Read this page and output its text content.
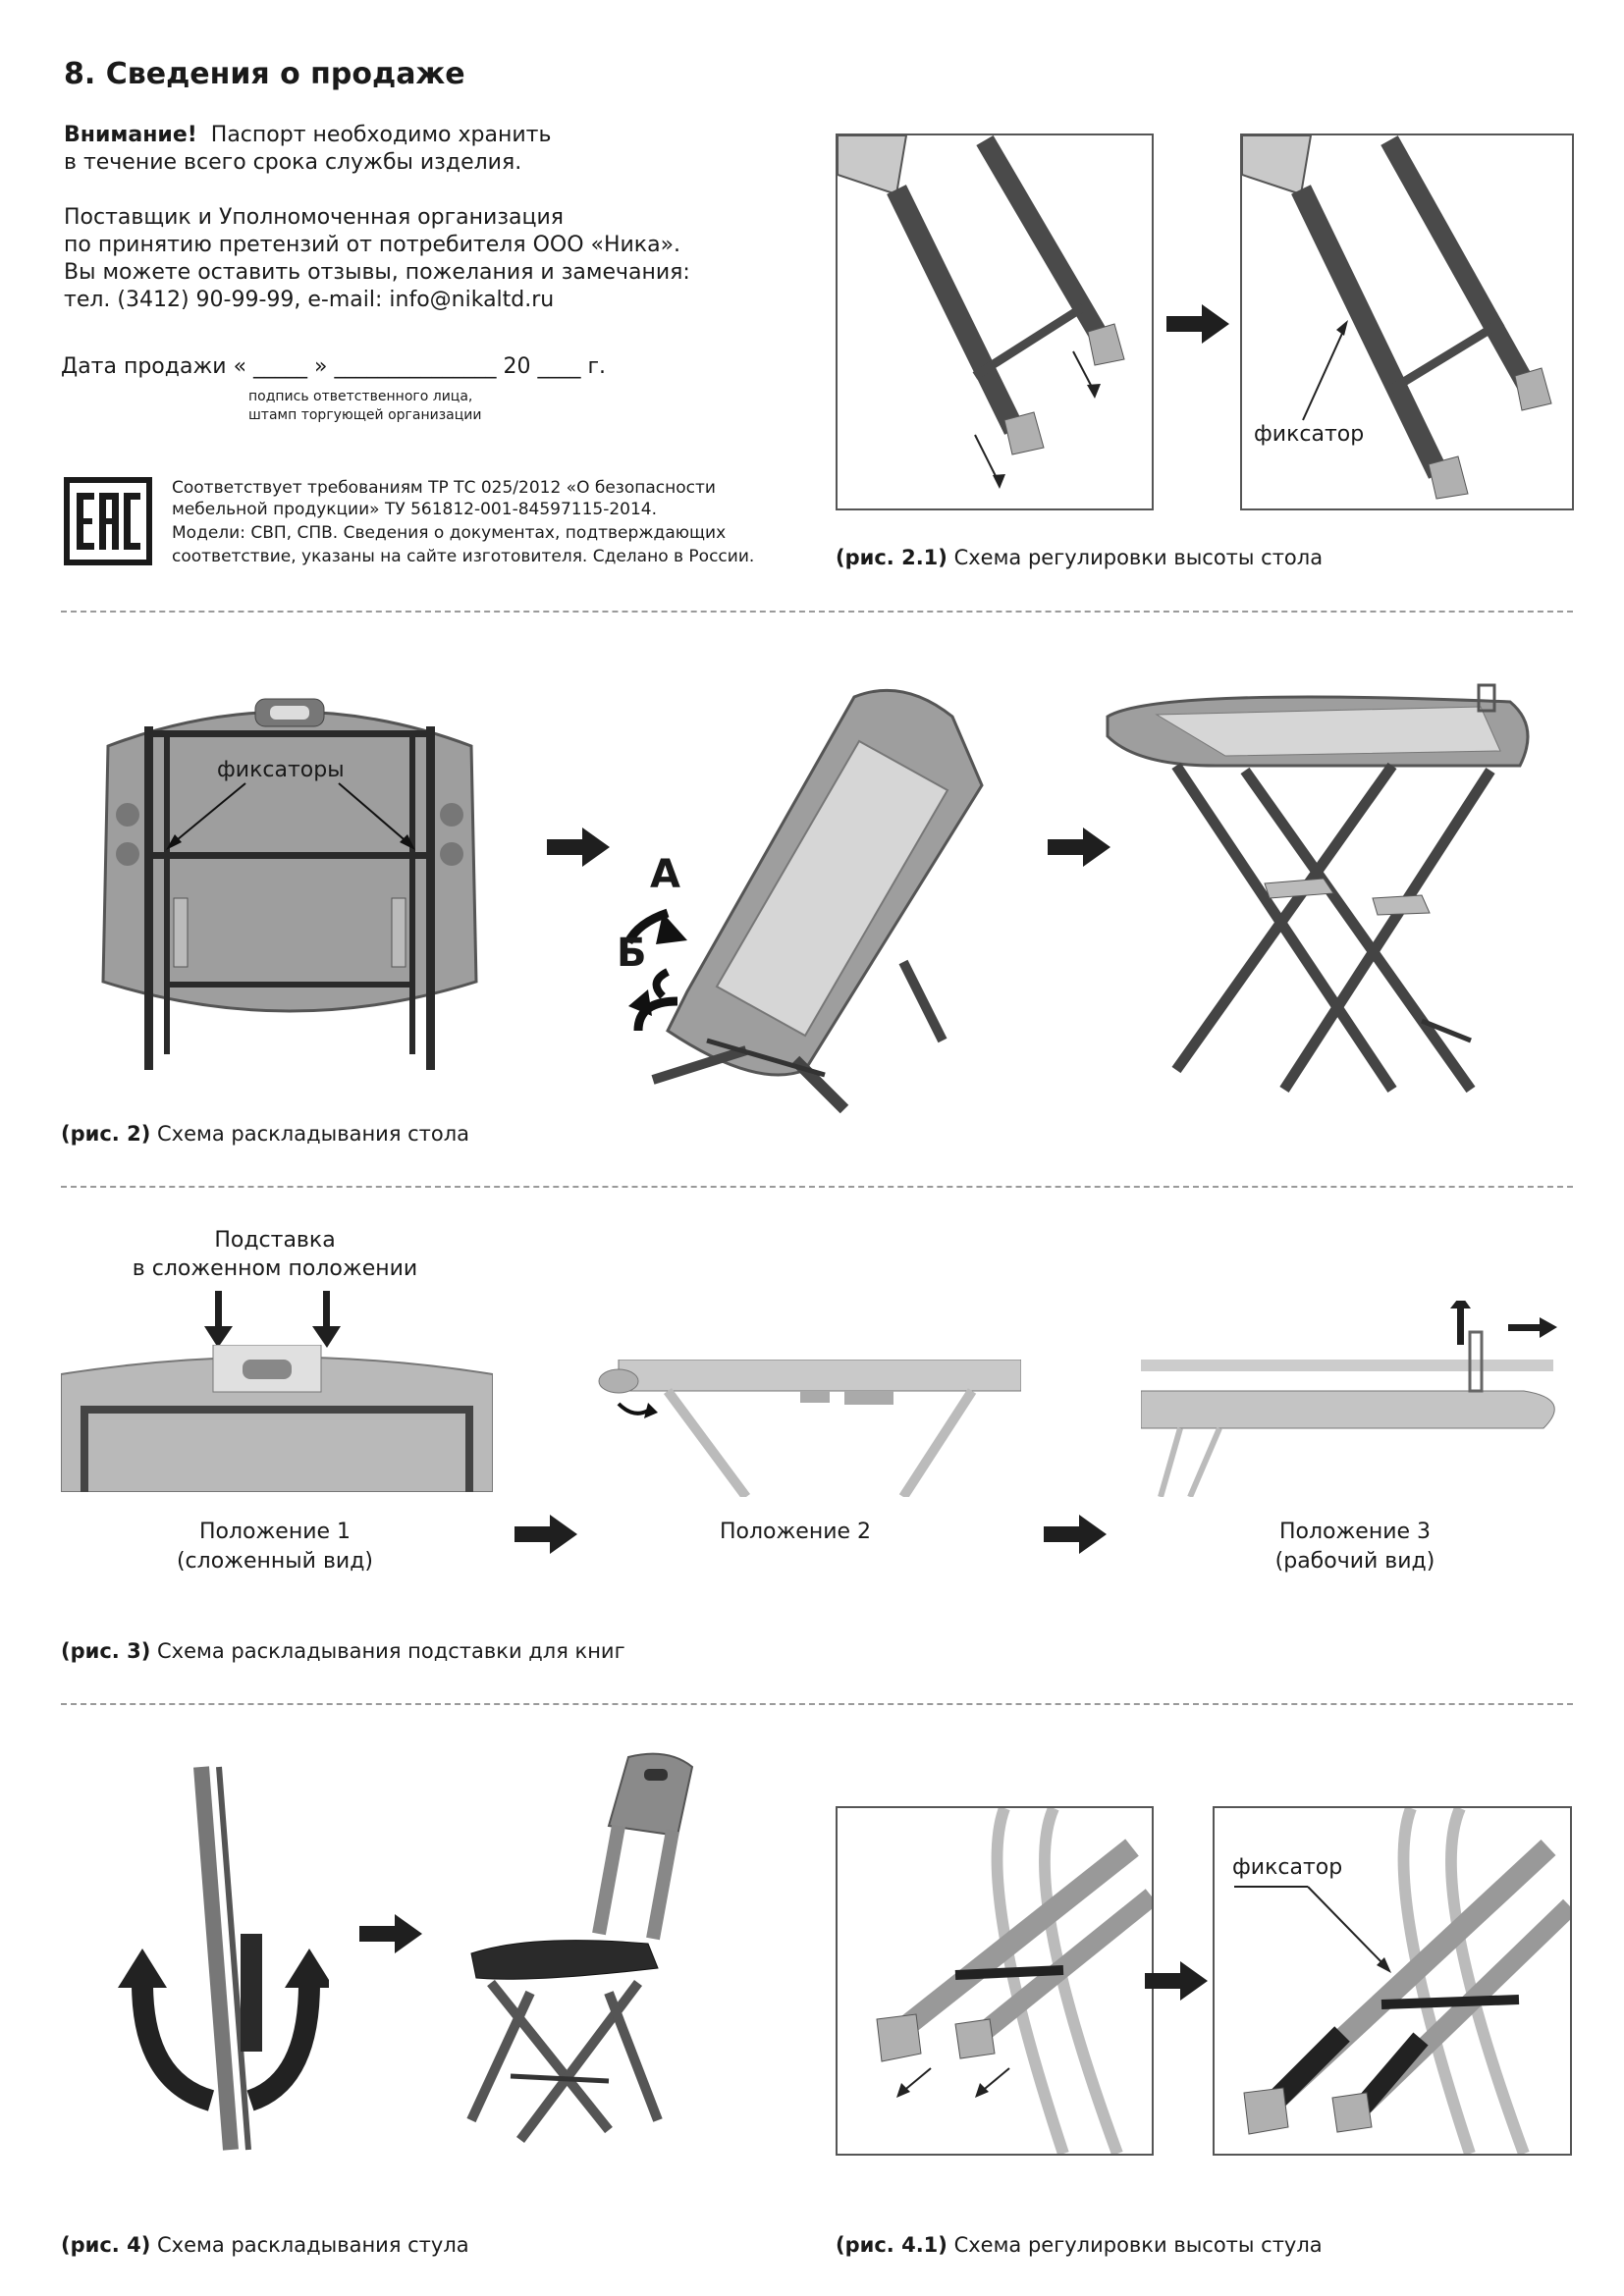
8. Сведения о продаже
Внимание! Паспорт необходимо хранить
в течение всего срока службы изделия.
Поставщик и Уполномоченная организация
по принятию претензий от потребителя ООО «Ника».
Вы можете оставить отзывы, пожелания и замечания:
тел. (3412) 90-99-99, e-mail: info@nikaltd.ru
Дата продажи « _____ » _______________ 20 ____ г.
подпись ответственного лица,
штамп торгующей организации
Соответствует требованиям ТР ТС 025/2012 «О безопасности
мебельной продукции» ТУ 561812-001-84597115-2014.
Модели: СВП, СПВ. Сведения о документах, подтверждающих
соответствие, указаны на сайте изготовителя. Сделано в России.
фиксатор
(рис. 2.1) Схема регулировки высоты стола
фиксаторы
А
Б
(рис. 2) Схема раскладывания стола
Подставка
в сложенном положении
Положение 1
(сложенный вид)
Положение 2	Положение 3
(рабочий вид)
(рис. 3) Схема раскладывания подставки для книг
(рис. 4) Схема раскладывания стула
фиксатор
(рис. 4.1) Схема регулировки высоты стула
